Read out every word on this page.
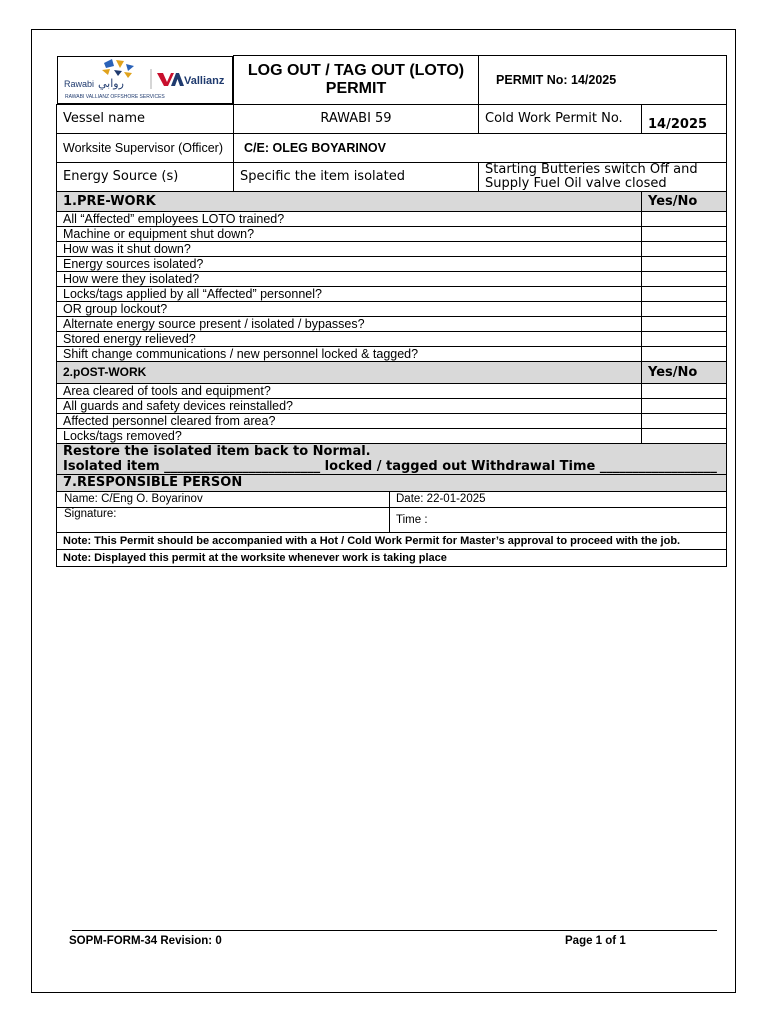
Rawabi روابي	Vallianz
RAWABI VALLIANZ OFFSHORE SERVICES
LOG OUT / TAG OUT (LOTO) PERMIT		PERMIT No: 14/2025	
Vessel name	RAWABI 59		Cold Work Permit No.	14/2025
Worksite Supervisor (Officer)	C/E: OLEG BOYARINOV			
Energy Source (s)	Specific the item isolated		Starting Butteries switch Off and Supply Fuel Oil valve closed	
1.PRE-WORK				Yes/No
All “Affected” employees LOTO trained?				
Machine or equipment shut down?				
How was it shut down?				
Energy sources isolated?				
How were they isolated?				
Locks/tags applied by all “Affected” personnel?				
OR group lockout?				
Alternate energy source present / isolated / bypasses?				
Stored energy relieved?				
Shift change communications / new personnel locked & tagged?				
2.pOST-WORK				Yes/No
Area cleared of tools and equipment?				
All guards and safety devices reinstalled?				
Affected personnel cleared from area?				
Locks/tags removed?				

Restore the isolated item back to Normal.
Isolated item ________________________ locked / tagged out Withdrawal Time __________________				

7.RESPONSIBLE PERSON				
Name: C/Eng O. Boyarinov		Date: 22-01-2025		
Signature:		Time :		
Note: This Permit should be accompanied with a Hot / Cold Work Permit for Master’s approval to proceed with the job.				
Note: Displayed this permit at the worksite whenever work is taking place				
SOPM-FORM-34 Revision: 0	Page 1 of 1
